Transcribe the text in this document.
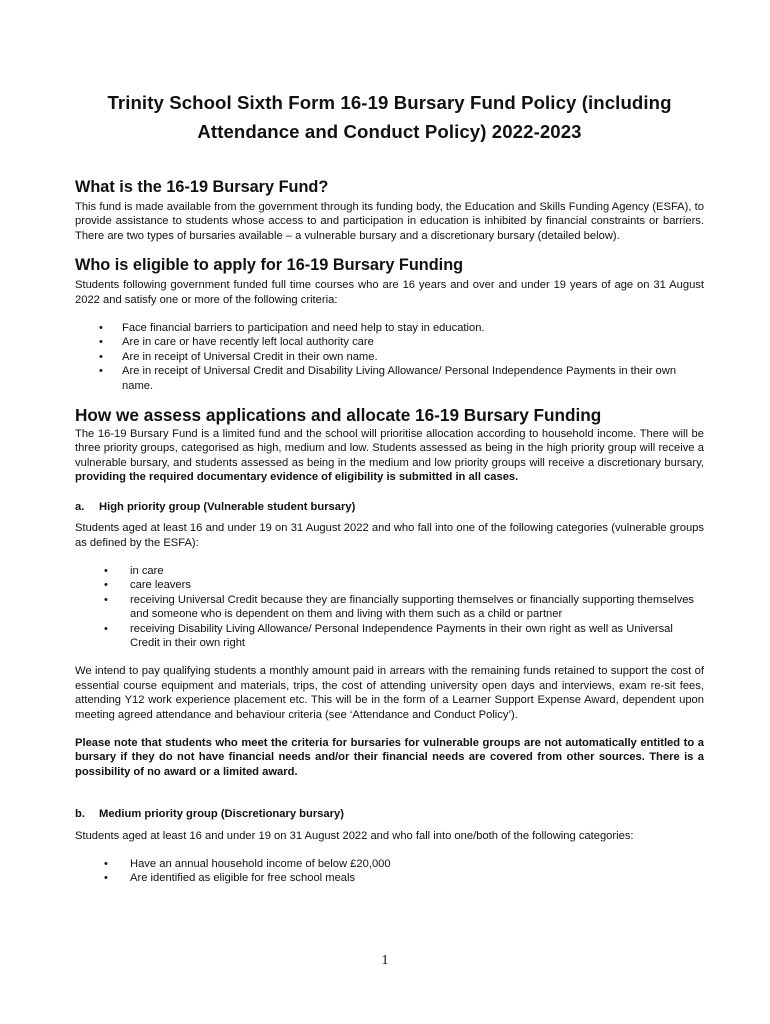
Trinity School Sixth Form 16-19 Bursary Fund Policy (including Attendance and Conduct Policy) 2022-2023
What is the 16-19 Bursary Fund?

This fund is made available from the government through its funding body, the Education and Skills Funding Agency (ESFA), to provide assistance to students whose access to and participation in education is inhibited by financial constraints or barriers. There are two types of bursaries available – a vulnerable bursary and a discretionary bursary (detailed below).

Who is eligible to apply for 16-19 Bursary Funding

Students following government funded full time courses who are 16 years and over and under 19 years of age on 31 August 2022 and satisfy one or more of the following criteria:

• Face financial barriers to participation and need help to stay in education.
• Are in care or have recently left local authority care
• Are in receipt of Universal Credit in their own name.
• Are in receipt of Universal Credit and Disability Living Allowance/ Personal Independence Payments in their own name.
How we assess applications and allocate 16-19 Bursary Funding

The 16-19 Bursary Fund is a limited fund and the school will prioritise allocation according to household income. There will be three priority groups, categorised as high, medium and low. Students assessed as being in the high priority group will receive a vulnerable bursary, and students assessed as being in the medium and low priority groups will receive a discretionary bursary, providing the required documentary evidence of eligibility is submitted in all cases.

a. High priority group (Vulnerable student bursary)

Students aged at least 16 and under 19 on 31 August 2022 and who fall into one of the following categories (vulnerable groups as defined by the ESFA):

• in care
• care leavers
• receiving Universal Credit because they are financially supporting themselves or financially supporting themselves and someone who is dependent on them and living with them such as a child or partner
• receiving Disability Living Allowance/ Personal Independence Payments in their own right as well as Universal Credit in their own right

We intend to pay qualifying students a monthly amount paid in arrears with the remaining funds retained to support the cost of essential course equipment and materials, trips, the cost of attending university open days and interviews, exam re-sit fees, attending Y12 work experience placement etc. This will be in the form of a Learner Support Expense Award, dependent upon meeting agreed attendance and behaviour criteria (see ‘Attendance and Conduct Policy’).

Please note that students who meet the criteria for bursaries for vulnerable groups are not automatically entitled to a bursary if they do not have financial needs and/or their financial needs are covered from other sources. There is a possibility of no award or a limited award.

b. Medium priority group (Discretionary bursary)

Students aged at least 16 and under 19 on 31 August 2022 and who fall into one/both of the following categories:

• Have an annual household income of below £20,000
• Are identified as eligible for free school meals
1
